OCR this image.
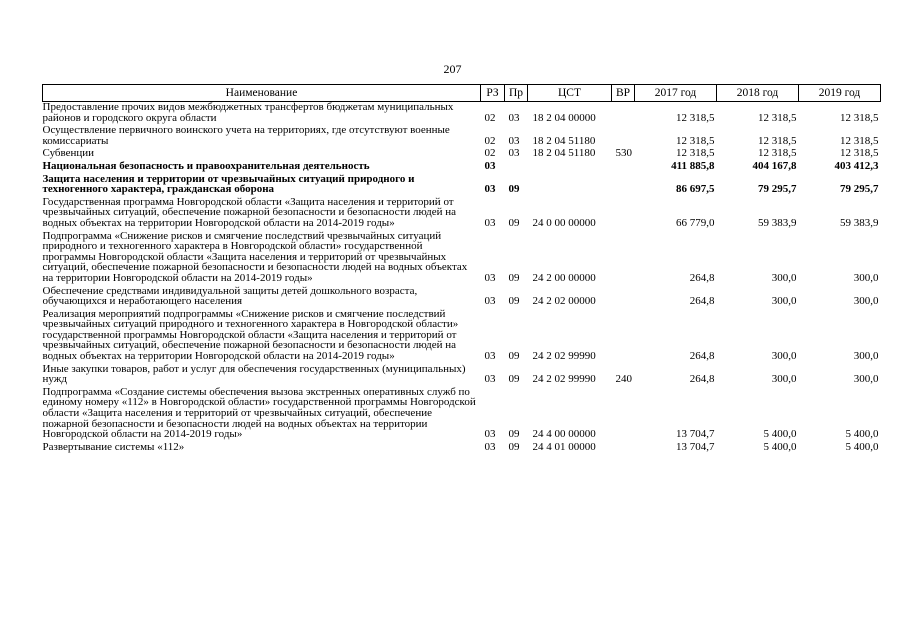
207
Наименование	РЗ	Пр	ЦСТ	ВР	2017 год	2018 год	2019 год
Предоставление прочих видов межбюджетных трансфертов бюджетам муниципальных районов и городского округа области	02	03	18 2 04 00000		12 318,5	12 318,5	12 318,5
Осуществление первичного воинского учета на территориях, где отсутствуют военные комиссариаты	02	03	18 2 04 51180		12 318,5	12 318,5	12 318,5
Субвенции	02	03	18 2 04 51180	530	12 318,5	12 318,5	12 318,5
Национальная безопасность и правоохранительная деятельность	03				411 885,8	404 167,8	403 412,3
Защита населения и территории от чрезвычайных ситуаций природного и техногенного характера, гражданская оборона	03	09			86 697,5	79 295,7	79 295,7
Государственная программа Новгородской области «Защита населения и территорий от чрезвычайных ситуаций, обеспечение пожарной безопасности и безопасности людей на водных объектах на территории Новгородской области на 2014-2019 годы»	03	09	24 0 00 00000		66 779,0	59 383,9	59 383,9
Подпрограмма «Снижение рисков и смягчение последствий чрезвычайных ситуаций природного и техногенного характера в Новгородской области» государственной программы Новгородской области «Защита населения и территорий от чрезвычайных ситуаций, обеспечение пожарной безопасности и безопасности людей на водных объектах на территории Новгородской области на 2014-2019 годы»	03	09	24 2 00 00000		264,8	300,0	300,0
Обеспечение средствами индивидуальной защиты детей дошкольного возраста, обучающихся и неработающего населения	03	09	24 2 02 00000		264,8	300,0	300,0
Реализация мероприятий подпрограммы «Снижение рисков и смягчение последствий чрезвычайных ситуаций природного и техногенного характера в Новгородской области» государственной программы Новгородской области «Защита населения и территорий от чрезвычайных ситуаций, обеспечение пожарной безопасности и безопасности людей на водных объектах на территории Новгородской области на 2014-2019 годы»	03	09	24 2 02 99990		264,8	300,0	300,0
Иные закупки товаров, работ и услуг для обеспечения государственных (муниципальных) нужд	03	09	24 2 02 99990	240	264,8	300,0	300,0
Подпрограмма «Создание системы обеспечения вызова экстренных оперативных служб по единому номеру «112» в Новгородской области» государственной программы Новгородской области «Защита населения и территорий от чрезвычайных ситуаций, обеспечение пожарной безопасности и безопасности людей на водных объектах на территории Новгородской области на 2014-2019 годы»	03	09	24 4 00 00000		13 704,7	5 400,0	5 400,0
Развертывание системы «112»	03	09	24 4 01 00000		13 704,7	5 400,0	5 400,0
